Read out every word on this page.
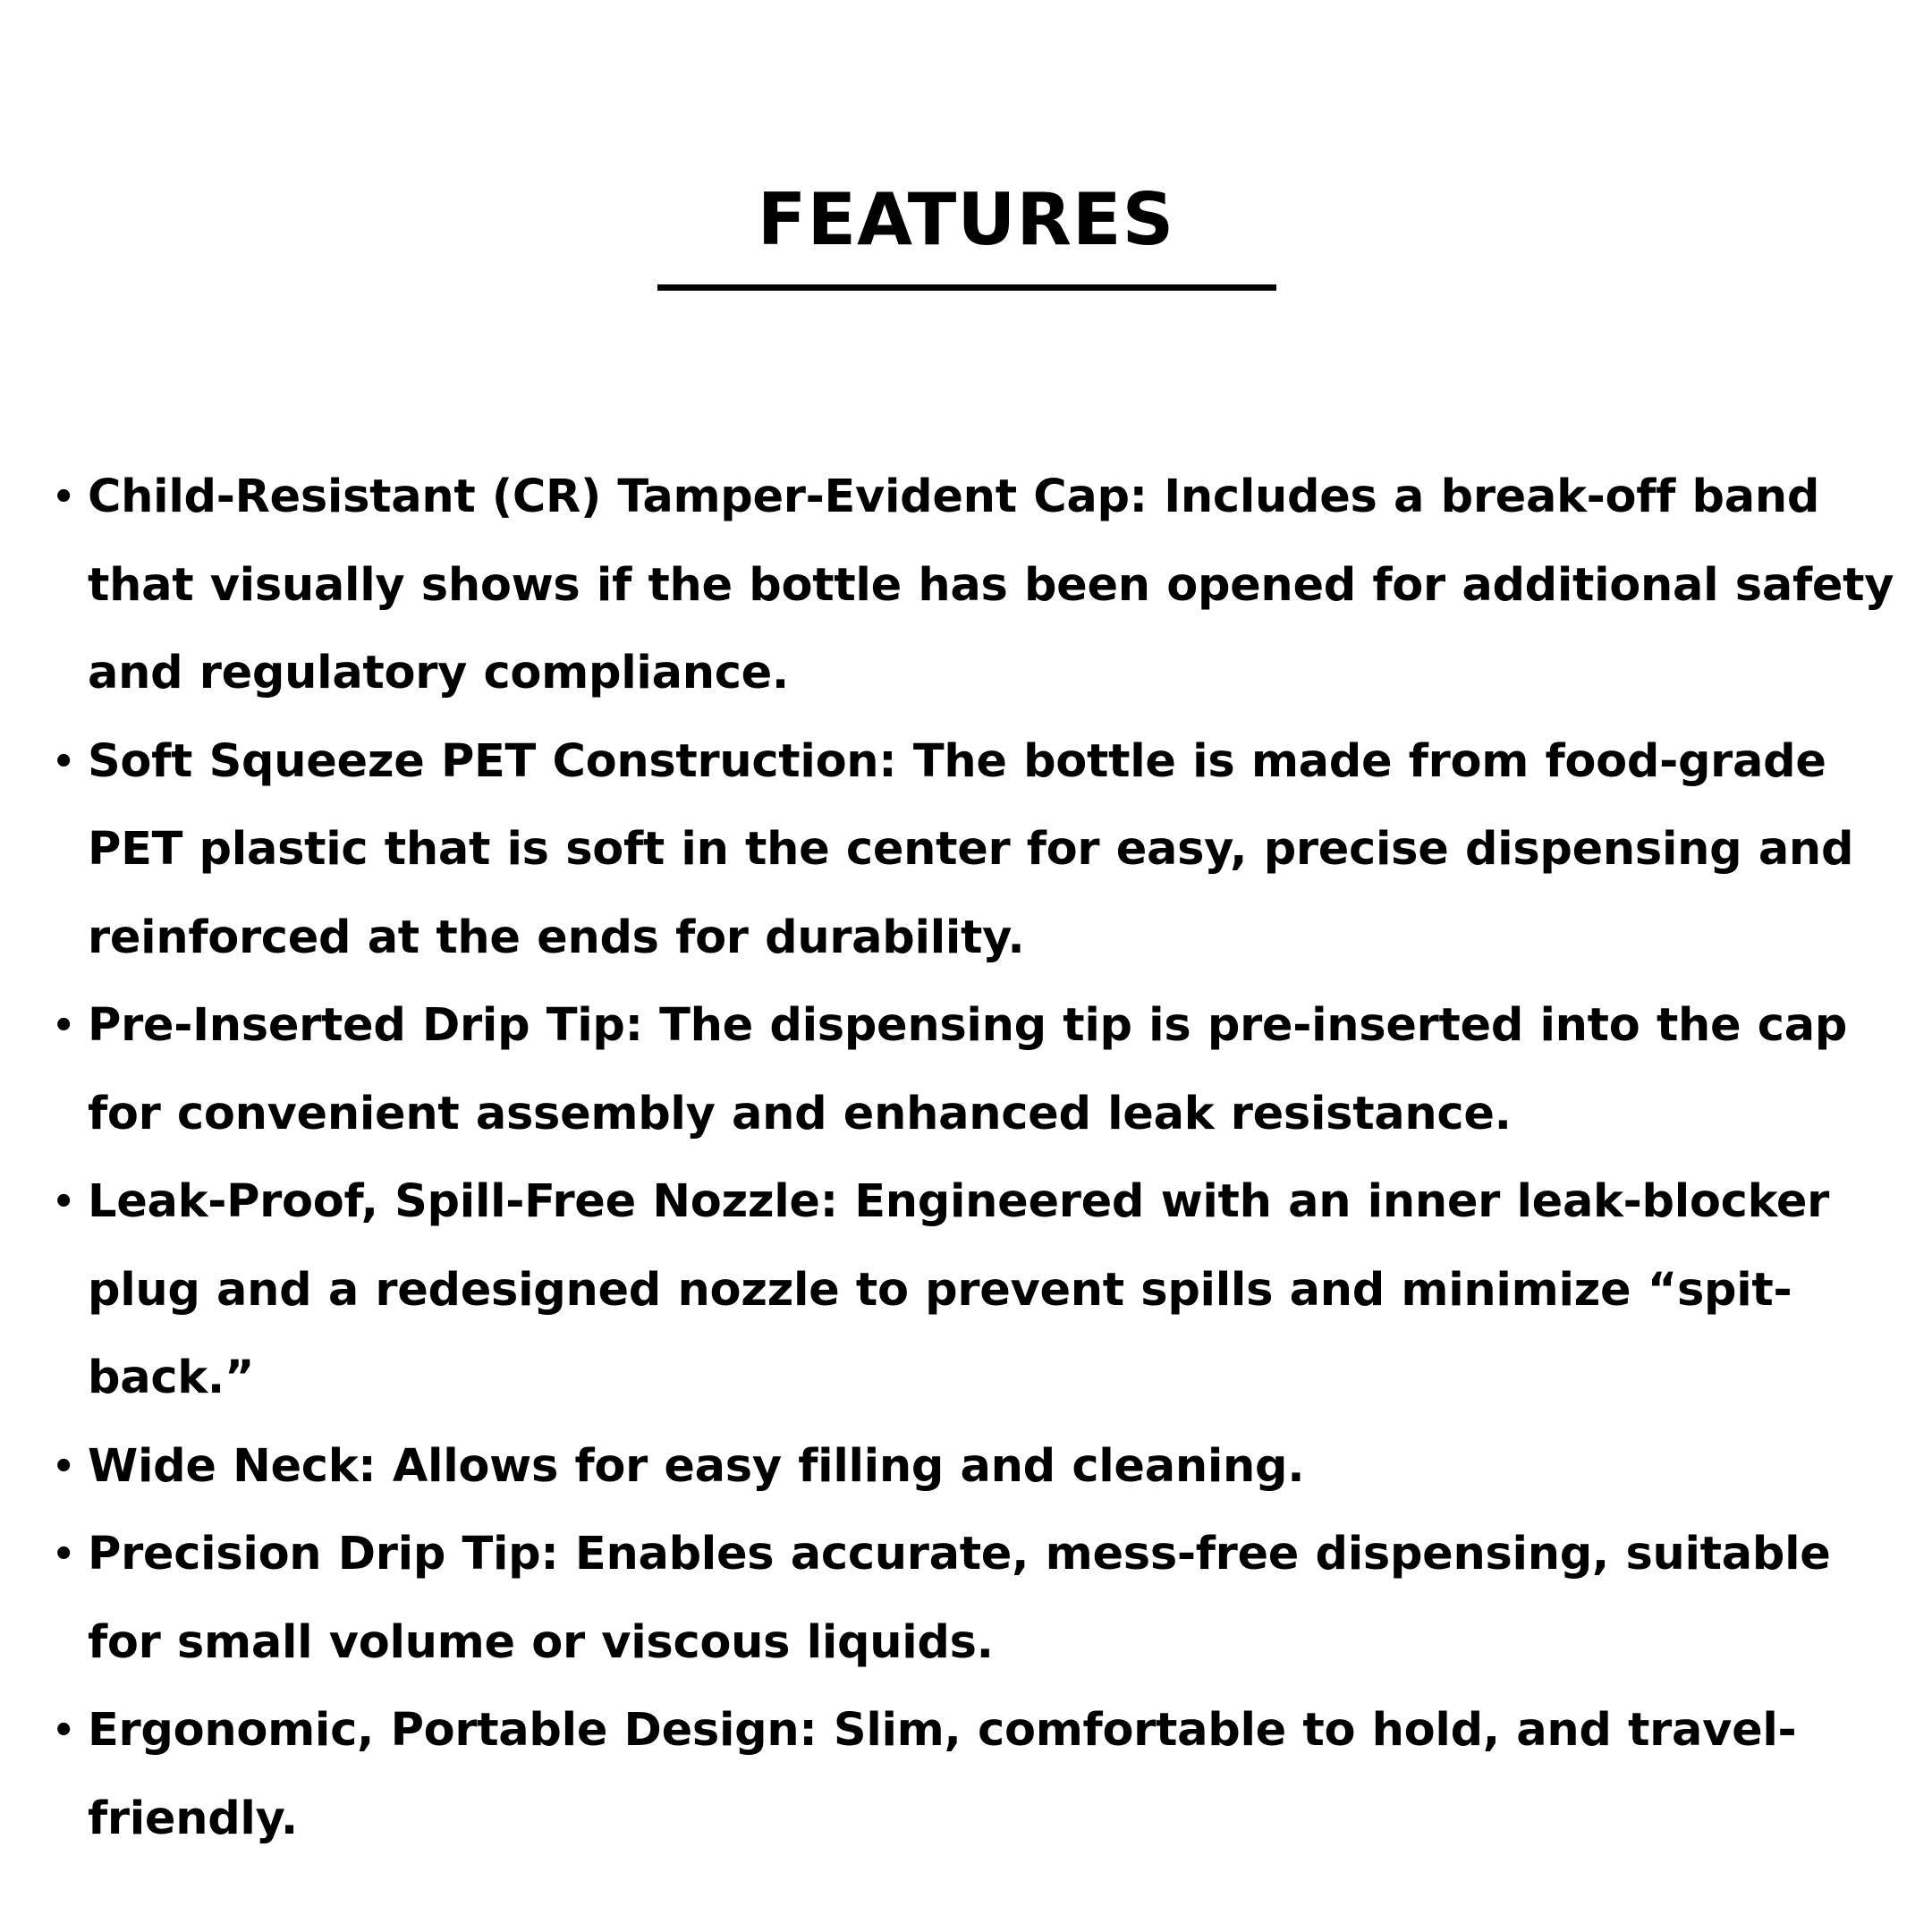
FEATURES
• Child-Resistant (CR) Tamper-Evident Cap: Includes a break-off band that visually shows if the bottle has been opened for additional safety and regulatory compliance.
• Soft Squeeze PET Construction: The bottle is made from food-grade PET plastic that is soft in the center for easy, precise dispensing and reinforced at the ends for durability.
• Pre-Inserted Drip Tip: The dispensing tip is pre-inserted into the cap for convenient assembly and enhanced leak resistance.
• Leak-Proof, Spill-Free Nozzle: Engineered with an inner leak-blocker plug and a redesigned nozzle to prevent spills and minimize “spit-back.”
• Wide Neck: Allows for easy filling and cleaning.
• Precision Drip Tip: Enables accurate, mess-free dispensing, suitable for small volume or viscous liquids.
• Ergonomic, Portable Design: Slim, comfortable to hold, and travel-friendly.
